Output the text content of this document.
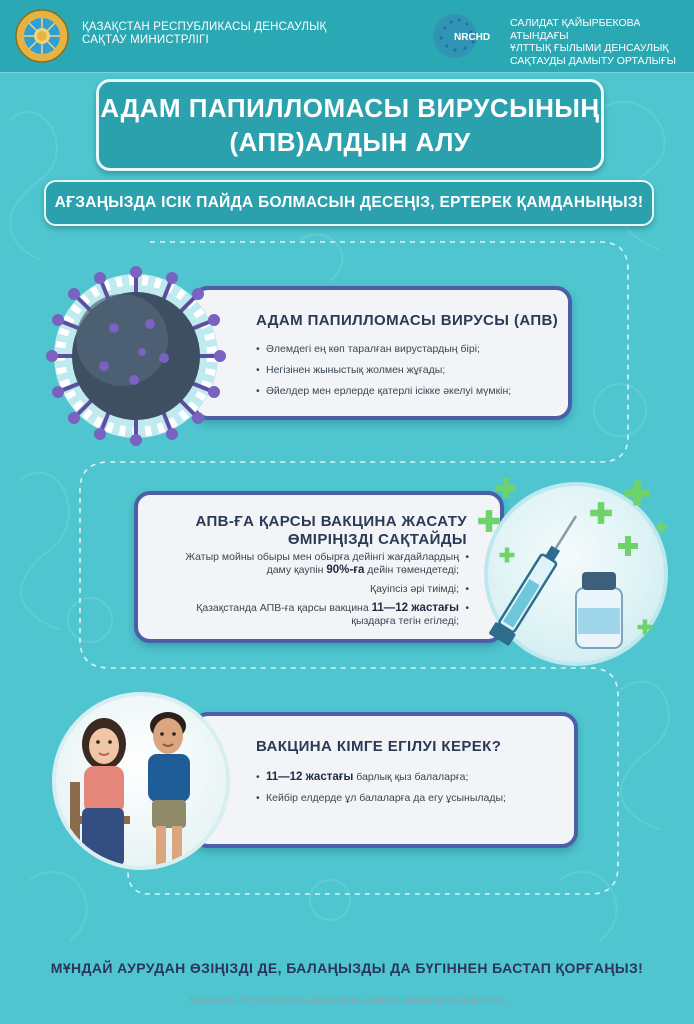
ҚАЗАҚСТАН РЕСПУБЛИКАСЫ ДЕНСАУЛЫҚ
САҚТАУ МИНИСТРЛІГІ	NRCHD
САЛИДАТ ҚАЙЫРБЕКОВА АТЫНДАҒЫ
ҰЛТТЫҚ ҒЫЛЫМИ ДЕНСАУЛЫҚ
САҚТАУДЫ ДАМЫТУ ОРТАЛЫҒЫ
АДАМ ПАПИЛЛОМАСЫ ВИРУСЫНЫҢ
(АПВ)АЛДЫН АЛУ
АҒЗАҢЫЗДА ІСІК ПАЙДА БОЛМАСЫН ДЕСЕҢІЗ, ЕРТЕРЕК ҚАМДАНЫҢЫЗ!
АДАМ ПАПИЛЛОМАСЫ ВИРУСЫ (АПВ)
• Әлемдегі ең көп таралған вирустардың бірі;
• Негізінен жыныстық жолмен жұғады;
• Әйелдер мен ерлерде қатерлі ісікке әкелуі мүмкін;
АПВ-ҒА ҚАРСЫ ВАКЦИНА ЖАСАТУ
ӨМІРІҢІЗДІ САҚТАЙДЫ
Жатыр мойны обыры мен обырға дейінгі жағдайлардың
даму қаупін 90%-ға дейін төмендетеді; •
Қауіпсіз әрі тиімді; •
Қазақстанда АПВ-ға қарсы вакцина 11—12 жастағы
қыздарға тегін егіледі; •
ВАКЦИНА КІМГЕ ЕГІЛУІ КЕРЕК?
• 11—12 жастағы барлық қыз балаларға;
• Кейбір елдерде ұл балаларға да егу ұсынылады;
МҰНДАЙ АУРУДАН ӨЗІҢІЗДІ ДЕ, БАЛАҢЫЗДЫ ДА БҮГІННЕН БАСТАП ҚОРҒАҢЫЗ!
Қазақстан Республикасы Денсаулық сақтау министрлігі әзірлеген
